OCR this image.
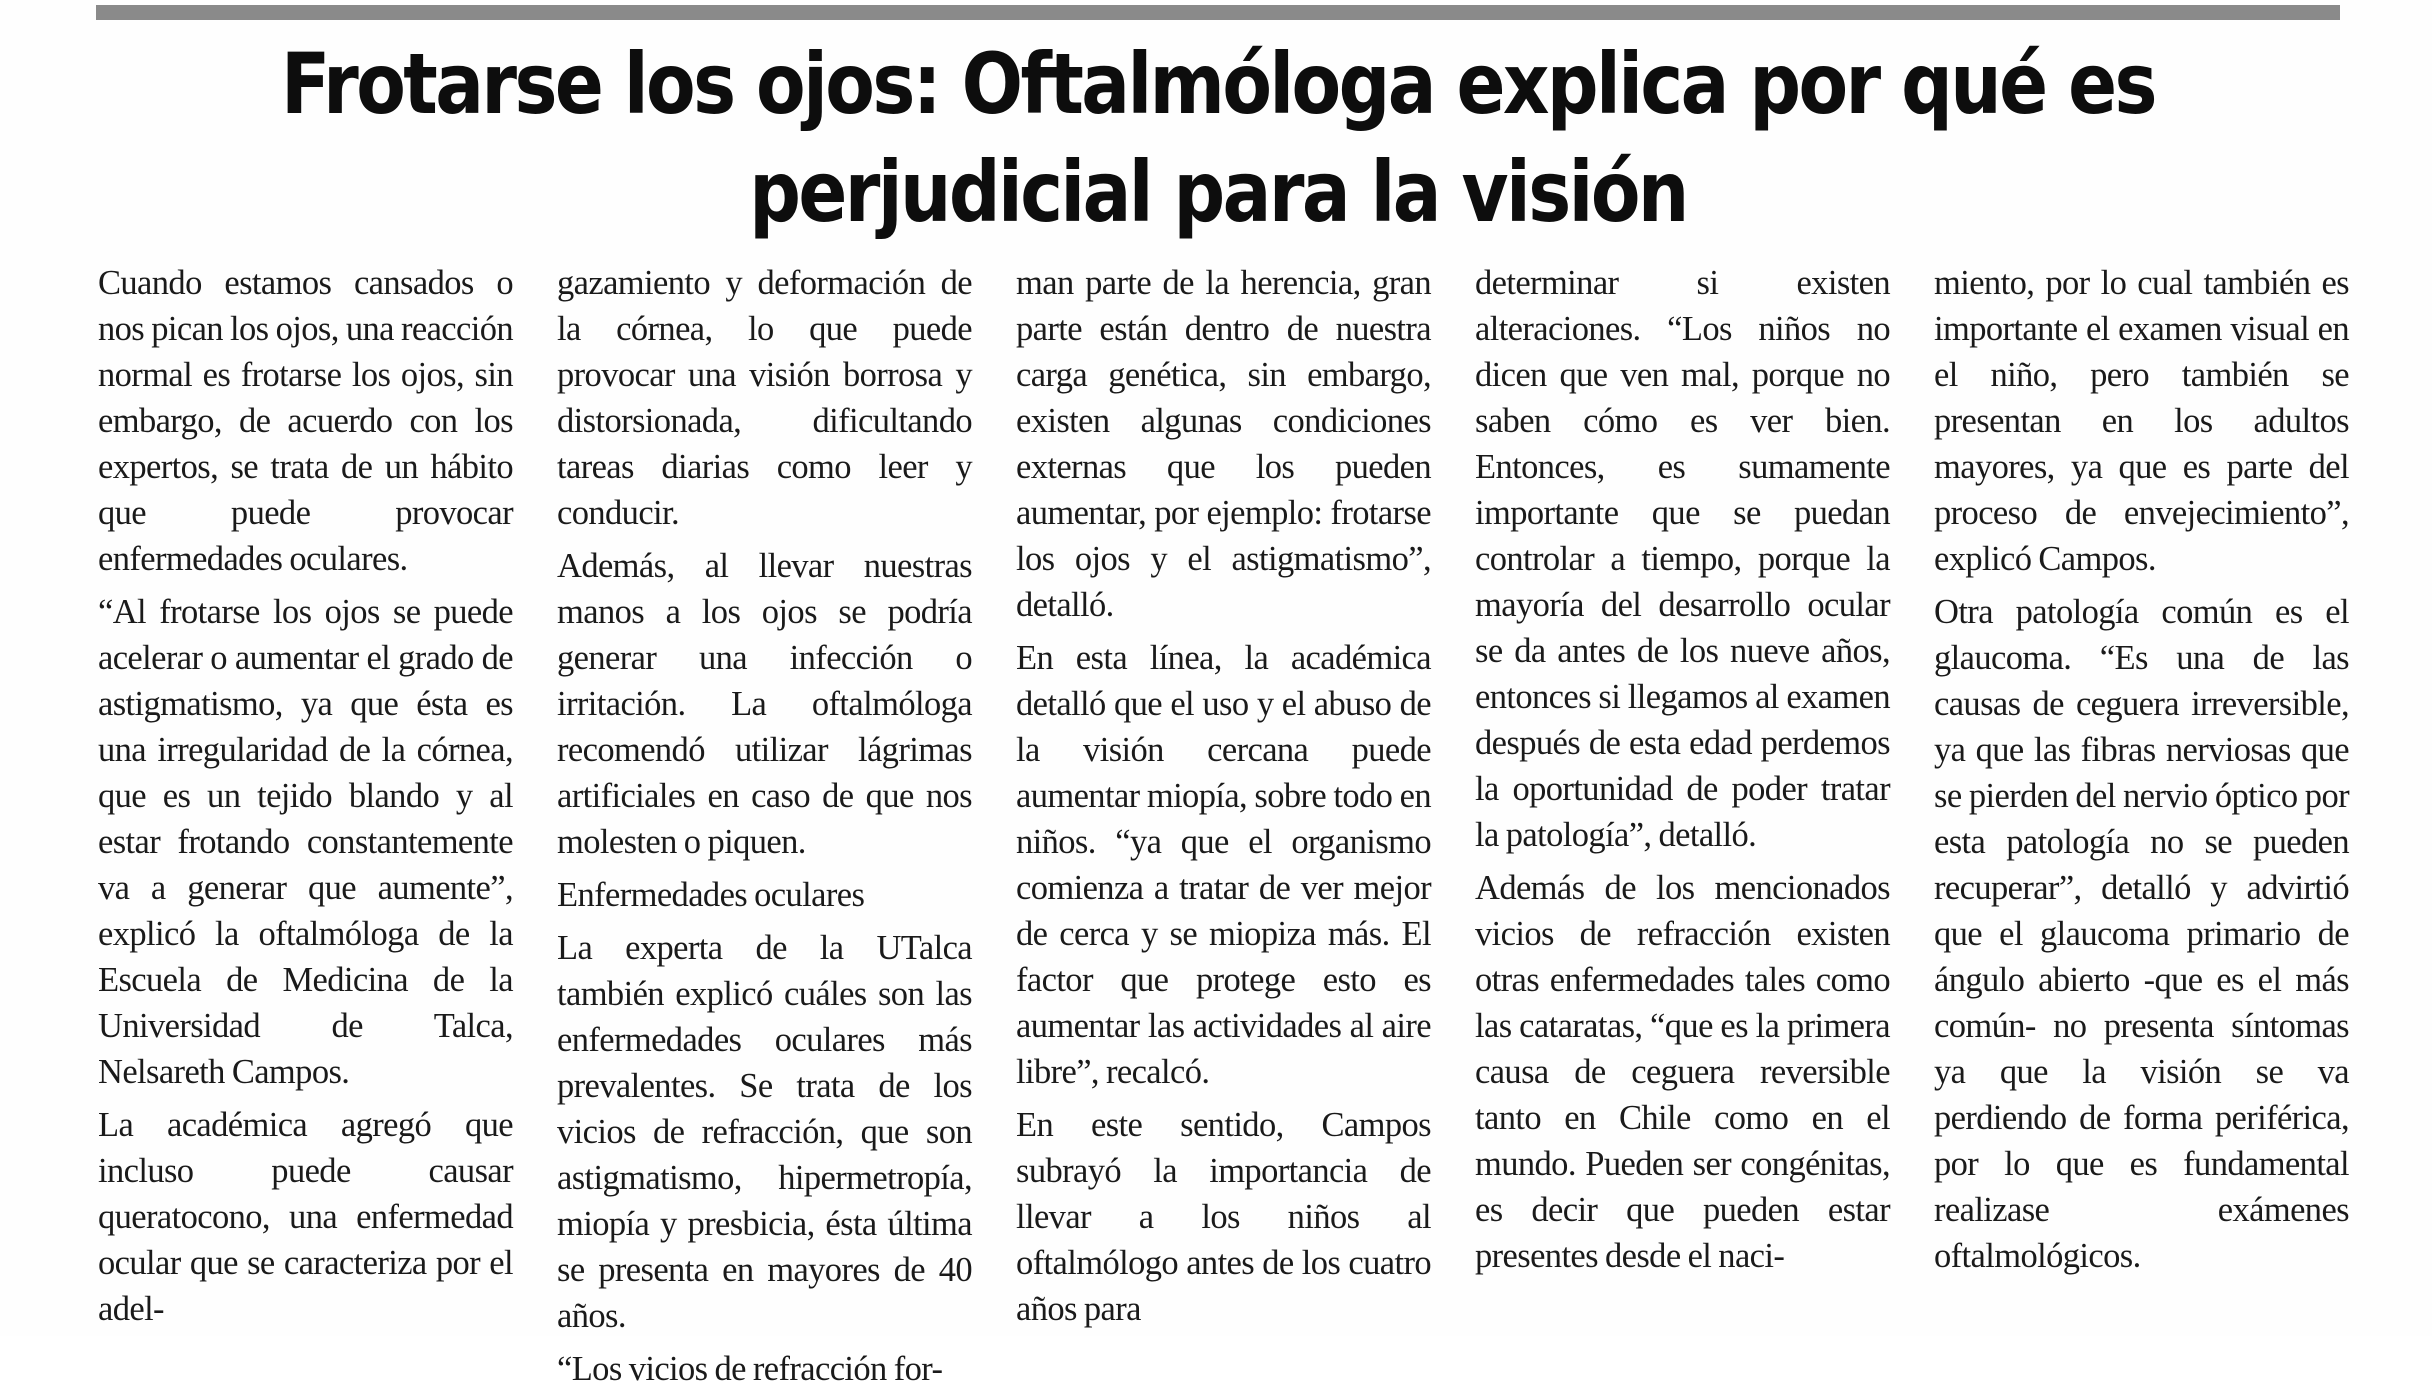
Frotarse los ojos: Oftalmóloga explica por qué es
perjudicial para la visión

Cuando estamos cansados o nos pican los ojos, una reacción normal es frotarse los ojos, sin embargo, de acuerdo con los expertos, se trata de un hábito que puede provocar enfermedades oculares.

“Al frotarse los ojos se puede acelerar o aumentar el grado de astigmatismo, ya que ésta es una irregularidad de la córnea, que es un tejido blando y al estar frotando constantemente va a generar que aumente”, explicó la oftalmóloga de la Escuela de Medicina de la Universidad de Talca, Nelsareth Campos.

La académica agregó que incluso puede causar queratocono, una enfermedad ocular que se caracteriza por el adel-

gazamiento y deformación de la córnea, lo que puede provocar una visión borrosa y distorsionada, dificultando tareas diarias como leer y conducir.

Además, al llevar nuestras manos a los ojos se podría generar una infección o irritación. La oftalmóloga recomendó utilizar lágrimas artificiales en caso de que nos molesten o piquen.

Enfermedades oculares

La experta de la UTalca también explicó cuáles son las enfermedades oculares más prevalentes. Se trata de los vicios de refracción, que son astigmatismo, hipermetropía, miopía y presbicia, ésta última se presenta en mayores de 40 años.

“Los vicios de refracción for-

man parte de la herencia, gran parte están dentro de nuestra carga genética, sin embargo, existen algunas condiciones externas que los pueden aumentar, por ejemplo: frotarse los ojos y el astigmatismo”, detalló.

En esta línea, la académica detalló que el uso y el abuso de la visión cercana puede aumentar miopía, sobre todo en niños. “ya que el organismo comienza a tratar de ver mejor de cerca y se miopiza más. El factor que protege esto es aumentar las actividades al aire libre”, recalcó.

En este sentido, Campos subrayó la importancia de llevar a los niños al oftalmólogo antes de los cuatro años para

determinar si existen alteraciones. “Los niños no dicen que ven mal, porque no saben cómo es ver bien. Entonces, es sumamente importante que se puedan controlar a tiempo, porque la mayoría del desarrollo ocular se da antes de los nueve años, entonces si llegamos al examen después de esta edad perdemos la oportunidad de poder tratar la patología”, detalló.

Además de los mencionados vicios de refracción existen otras enfermedades tales como las cataratas, “que es la primera causa de ceguera reversible tanto en Chile como en el mundo. Pueden ser congénitas, es decir que pueden estar presentes desde el naci-

miento, por lo cual también es importante el examen visual en el niño, pero también se presentan en los adultos mayores, ya que es parte del proceso de envejecimiento”, explicó Campos.

Otra patología común es el glaucoma. “Es una de las causas de ceguera irreversible, ya que las fibras nerviosas que se pierden del nervio óptico por esta patología no se pueden recuperar”, detalló y advirtió que el glaucoma primario de ángulo abierto -que es el más común- no presenta síntomas ya que la visión se va perdiendo de forma periférica, por lo que es fundamental realizase exámenes oftalmológicos.
